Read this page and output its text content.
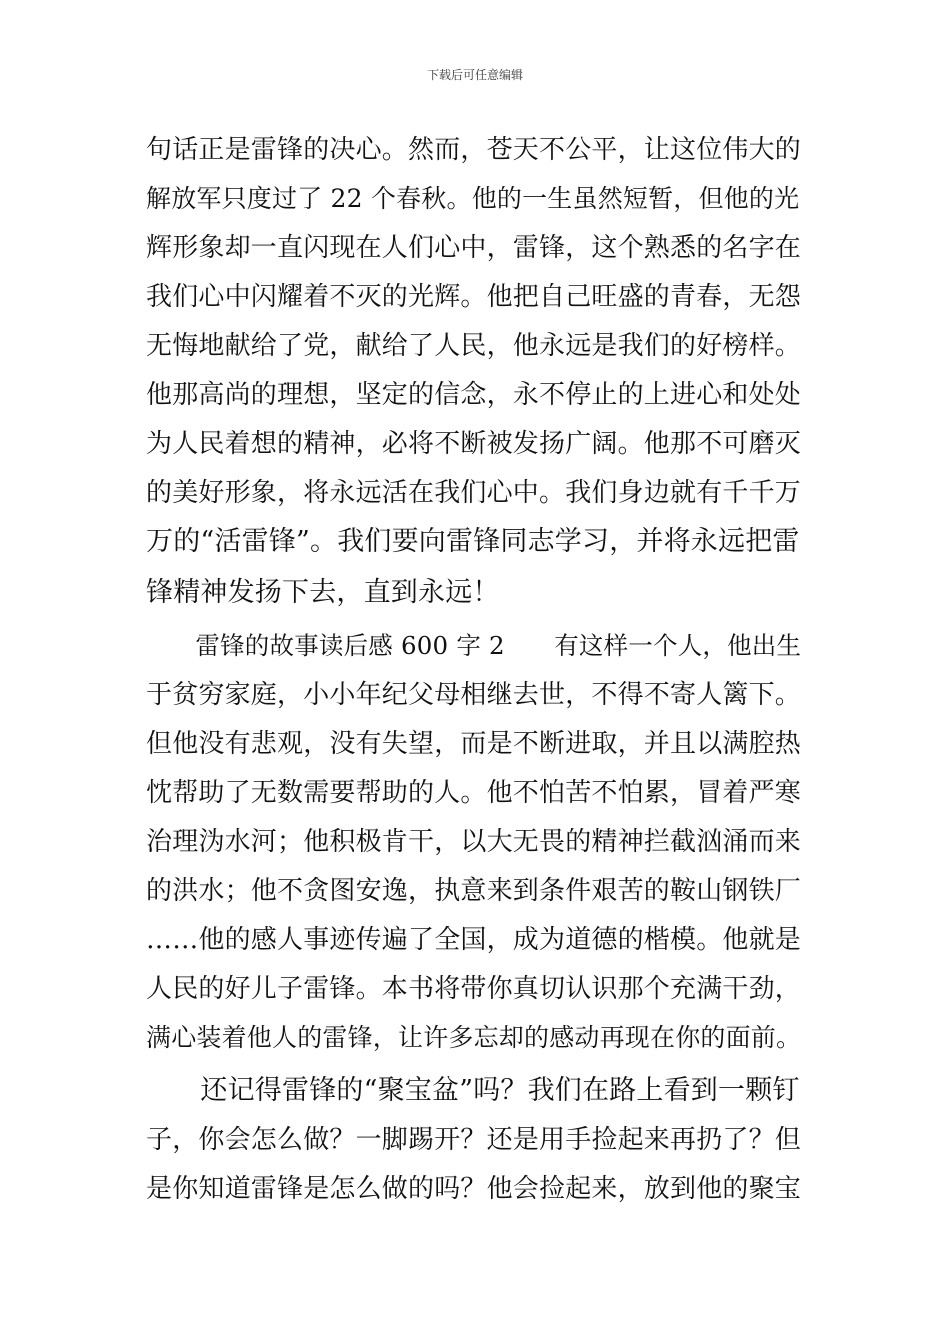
下载后可任意编辑
句话正是雷锋的决心。然而，苍天不公平，让这位伟大的
解放军只度过了 22 个春秋。他的一生虽然短暂，但他的光
辉形象却一直闪现在人们心中，雷锋，这个熟悉的名字在
我们心中闪耀着不灭的光辉。他把自己旺盛的青春，无怨
无悔地献给了党，献给了人民，他永远是我们的好榜样。
他那高尚的理想，坚定的信念，永不停止的上进心和处处
为人民着想的精神，必将不断被发扬广阔。他那不可磨灭
的美好形象，将永远活在我们心中。我们身边就有千千万
万的“活雷锋”。我们要向雷锋同志学习，并将永远把雷
锋精神发扬下去，直到永远！
　　雷锋的故事读后感 600 字 2　　有这样一个人，他出生
于贫穷家庭，小小年纪父母相继去世，不得不寄人篱下。
但他没有悲观，没有失望，而是不断进取，并且以满腔热
忱帮助了无数需要帮助的人。他不怕苦不怕累，冒着严寒
治理沩水河；他积极肯干，以大无畏的精神拦截汹涌而来
的洪水；他不贪图安逸，执意来到条件艰苦的鞍山钢铁厂
……他的感人事迹传遍了全国，成为道德的楷模。他就是
人民的好儿子雷锋。本书将带你真切认识那个充满干劲，
满心装着他人的雷锋，让许多忘却的感动再现在你的面前。
　　还记得雷锋的“聚宝盆”吗？我们在路上看到一颗钉
子，你会怎么做？一脚踢开？还是用手捡起来再扔了？但
是你知道雷锋是怎么做的吗？他会捡起来，放到他的聚宝
